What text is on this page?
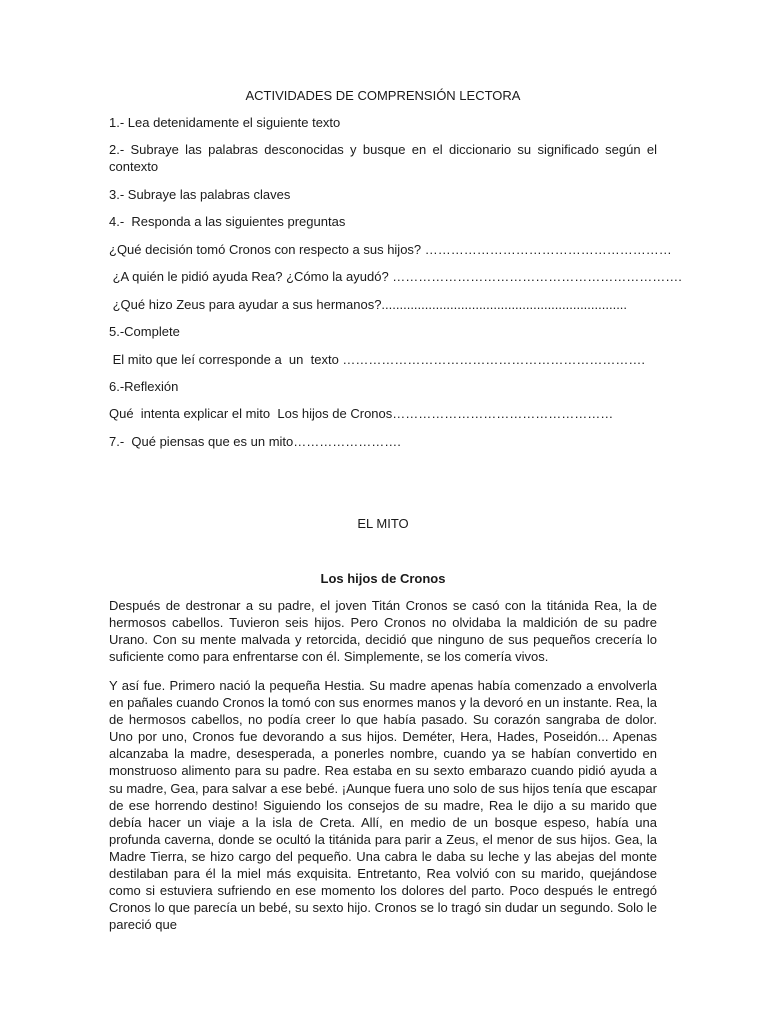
ACTIVIDADES DE COMPRENSIÓN LECTORA

1.- Lea detenidamente el siguiente texto

2.- Subraye las palabras desconocidas y busque en el diccionario su significado según el contexto

3.- Subraye las palabras claves

4.-  Responda a las siguientes preguntas

¿Qué decisión tomó Cronos con respecto a sus hijos? …………………………………………………

¿A quién le pidió ayuda Rea? ¿Cómo la ayudó? ………………………………………………………….

¿Qué hizo Zeus para ayudar a sus hermanos?....................................................................

5.-Complete

El mito que leí corresponde a  un  texto …………………………………………………………….

6.-Reflexión

Qué  intenta explicar el mito  Los hijos de Cronos……………………………………………

7.-  Qué piensas que es un mito…………………….

EL MITO

Los hijos de Cronos

Después de destronar a su padre, el joven Titán Cronos se casó con la titánida Rea, la de hermosos cabellos. Tuvieron seis hijos. Pero Cronos no olvidaba la maldición de su padre Urano. Con su mente malvada y retorcida, decidió que ninguno de sus pequeños crecería lo suficiente como para enfrentarse con él. Simplemente, se los comería vivos.

Y así fue. Primero nació la pequeña Hestia. Su madre apenas había comenzado a envolverla en pañales cuando Cronos la tomó con sus enormes manos y la devoró en un instante. Rea, la de hermosos cabellos, no podía creer lo que había pasado. Su corazón sangraba de dolor. Uno por uno, Cronos fue devorando a sus hijos. Deméter, Hera, Hades, Poseidón... Apenas alcanzaba la madre, desesperada, a ponerles nombre, cuando ya se habían convertido en monstruoso alimento para su padre. Rea estaba en su sexto embarazo cuando pidió ayuda a su madre, Gea, para salvar a ese bebé. ¡Aunque fuera uno solo de sus hijos tenía que escapar de ese horrendo destino! Siguiendo los consejos de su madre, Rea le dijo a su marido que debía hacer un viaje a la isla de Creta. Allí, en medio de un bosque espeso, había una profunda caverna, donde se ocultó la titánida para parir a Zeus, el menor de sus hijos. Gea, la Madre Tierra, se hizo cargo del pequeño. Una cabra le daba su leche y las abejas del monte destilaban para él la miel más exquisita. Entretanto, Rea volvió con su marido, quejándose como si estuviera sufriendo en ese momento los dolores del parto. Poco después le entregó Cronos lo que parecía un bebé, su sexto hijo. Cronos se lo tragó sin dudar un segundo. Solo le pareció que
